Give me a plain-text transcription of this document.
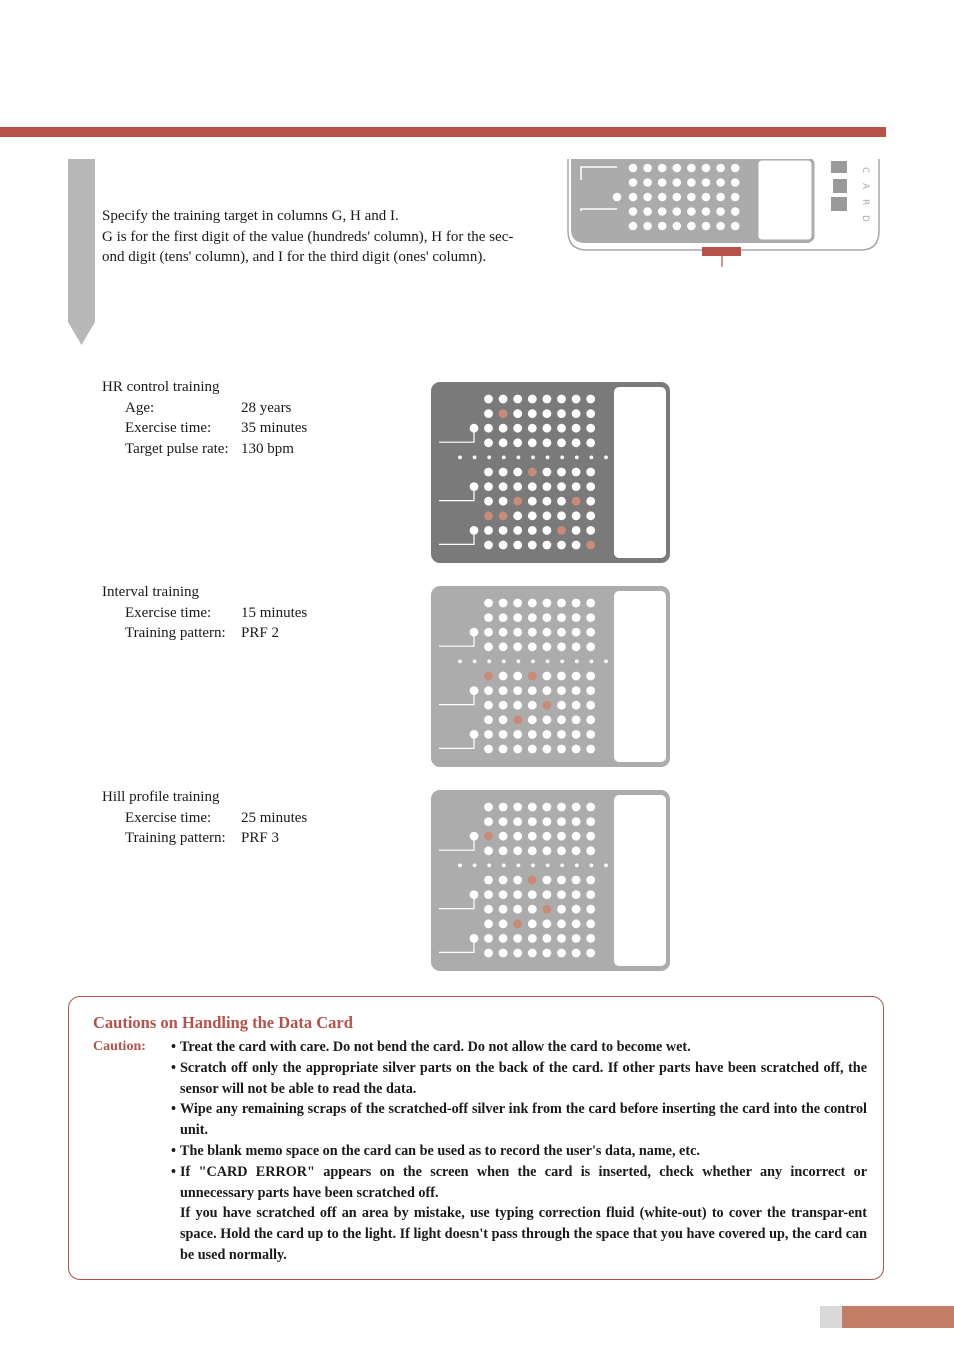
Specify the training target in columns G, H and I.

G is for the first digit of the value (hundreds' column), H for the sec-

ond digit (tens' column), and I for the third digit (ones' column).

C
A
R
D
HR control training
Age:	28 years
Exercise time:	35 minutes
Target pulse rate: 130 bpm
Interval training
Exercise time:	15 minutes
Training pattern:	PRF 2
Hill profile training
Exercise time:	25 minutes
Training pattern:	PRF 3
Cautions on Handling the Data Card
Caution: • Treat the card with care. Do not bend the card. Do not allow the card to become wet.
• Scratch off only the appropriate silver parts on the back of the card. If other parts have been scratched off, the sensor will not be able to read the data.
• Wipe any remaining scraps of the scratched-off silver ink from the card before inserting the card into the control unit.
• The blank memo space on the card can be used as to record the user's data, name, etc.
• If "CARD ERROR" appears on the screen when the card is inserted, check whether any incorrect or unnecessary parts have been scratched off.
If you have scratched off an area by mistake, use typing correction fluid (white-out) to cover the transpar-ent space. Hold the card up to the light. If light doesn't pass through the space that you have covered up, the card can be used normally.
